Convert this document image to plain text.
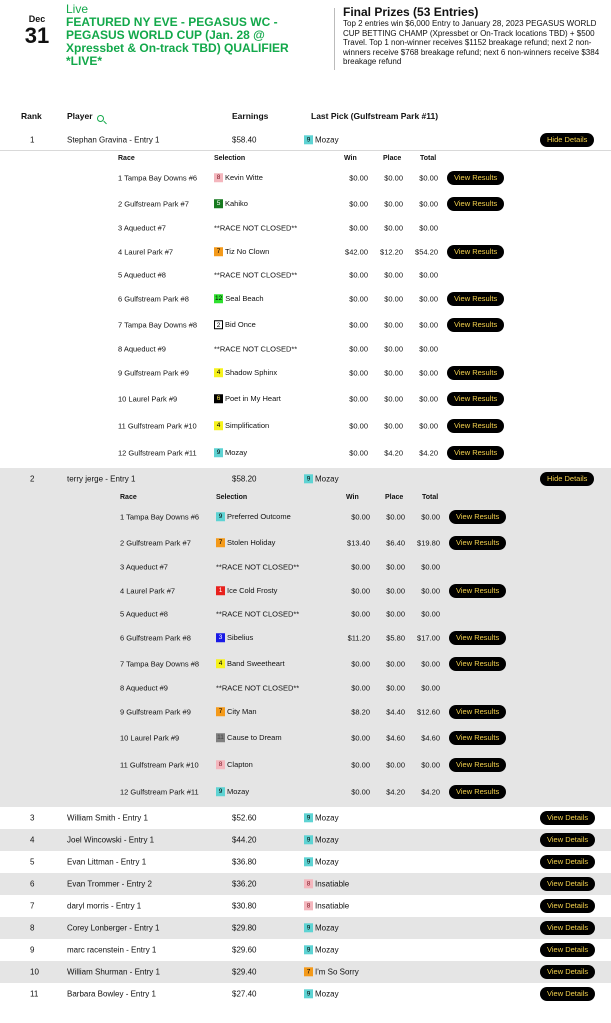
Dec
31
Live
FEATURED NY EVE - PEGASUS WC - PEGASUS WORLD CUP (Jan. 28 @ Xpressbet & On-track TBD) QUALIFIER *LIVE*
Final Prizes (53 Entries)
Top 2 entries win $6,000 Entry to January 28, 2023 PEGASUS WORLD CUP BETTING CHAMP (Xpressbet or On-Track locations TBD) + $500 Travel. Top 1 non-winner receives $1152 breakage refund; next 2 non-winners receive $768 breakage refund; next 6 non-winners receive $384 breakage refund
Rank	Player	Earnings	Last Pick (Gulfstream Park #11)
1	Stephan Gravina - Entry 1	$58.40	9 Mozay	Hide Details
Race	Selection	Win	Place	Total
1 Tampa Bay Downs #6	8 Kevin Witte	$0.00	$0.00	$0.00	View Results
2 Gulfstream Park #7	5 Kahiko	$0.00	$0.00	$0.00	View Results
3 Aqueduct #7	**RACE NOT CLOSED**	$0.00	$0.00	$0.00
4 Laurel Park #7	7 Tiz No Clown	$42.00	$12.20	$54.20	View Results
5 Aqueduct #8	**RACE NOT CLOSED**	$0.00	$0.00	$0.00
6 Gulfstream Park #8	12 Seal Beach	$0.00	$0.00	$0.00	View Results
7 Tampa Bay Downs #8	2 Bid Once	$0.00	$0.00	$0.00	View Results
8 Aqueduct #9	**RACE NOT CLOSED**	$0.00	$0.00	$0.00
9 Gulfstream Park #9	4 Shadow Sphinx	$0.00	$0.00	$0.00	View Results
10 Laurel Park #9	6 Poet in My Heart	$0.00	$0.00	$0.00	View Results
11 Gulfstream Park #10	4 Simplification	$0.00	$0.00	$0.00	View Results
12 Gulfstream Park #11	9 Mozay	$0.00	$4.20	$4.20	View Results
2	terry jerge - Entry 1	$58.20	9 Mozay	Hide Details
Race	Selection	Win	Place	Total
1 Tampa Bay Downs #6	9 Preferred Outcome	$0.00	$0.00	$0.00	View Results
2 Gulfstream Park #7	7 Stolen Holiday	$13.40	$6.40	$19.80	View Results
3 Aqueduct #7	**RACE NOT CLOSED**	$0.00	$0.00	$0.00
4 Laurel Park #7	1 Ice Cold Frosty	$0.00	$0.00	$0.00	View Results
5 Aqueduct #8	**RACE NOT CLOSED**	$0.00	$0.00	$0.00
6 Gulfstream Park #8	3 Sibelius	$11.20	$5.80	$17.00	View Results
7 Tampa Bay Downs #8	4 Band Sweetheart	$0.00	$0.00	$0.00	View Results
8 Aqueduct #9	**RACE NOT CLOSED**	$0.00	$0.00	$0.00
9 Gulfstream Park #9	7 City Man	$8.20	$4.40	$12.60	View Results
10 Laurel Park #9	11 Cause to Dream	$0.00	$4.60	$4.60	View Results
11 Gulfstream Park #10	8 Clapton	$0.00	$0.00	$0.00	View Results
12 Gulfstream Park #11	9 Mozay	$0.00	$4.20	$4.20	View Results
3	William Smith - Entry 1	$52.60	9 Mozay	View Details
4	Joel Wincowski - Entry 1	$44.20	9 Mozay	View Details
5	Evan Littman - Entry 1	$36.80	9 Mozay	View Details
6	Evan Trommer - Entry 2	$36.20	8 Insatiable	View Details
7	daryl morris - Entry 1	$30.80	8 Insatiable	View Details
8	Corey Lonberger - Entry 1	$29.80	9 Mozay	View Details
9	marc racenstein - Entry 1	$29.60	9 Mozay	View Details
10	William Shurman - Entry 1	$29.40	7 I'm So Sorry	View Details
11	Barbara Bowley - Entry 1	$27.40	9 Mozay	View Details
